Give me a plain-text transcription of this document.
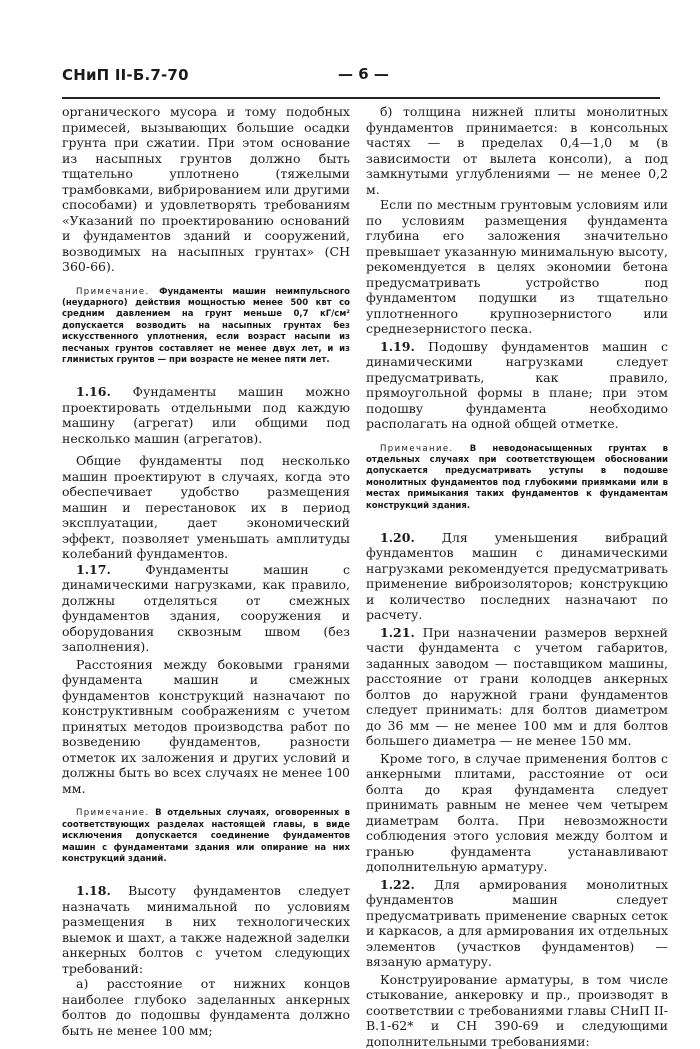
СНиП II-Б.7-70	— 6 —

органического мусора и тому подобных примесей, вызывающих большие осадки грунта при сжатии. При этом основание из насыпных грунтов должно быть тщательно уплотнено (тяжелыми трамбовками, вибрированием или другими способами) и удовлетворять требованиям «Указаний по проектированию оснований и фундаментов зданий и сооружений, возводимых на насыпных грунтах» (СН 360-66).

Примечание. Фундаменты машин неимпульсного (неударного) действия мощностью менее 500 квт со средним давлением на грунт меньше 0,7 кГ/см² допускается возводить на насыпных грунтах без искусственного уплотнения, если возраст насыпи из песчаных грунтов составляет не менее двух лет, и из глинистых грунтов — при возрасте не менее пяти лет.

1.16. Фундаменты машин можно проектировать отдельными под каждую машину (агрегат) или общими под несколько машин (агрегатов).

Общие фундаменты под несколько машин проектируют в случаях, когда это обеспечивает удобство размещения машин и перестановок их в период эксплуатации, дает экономический эффект, позволяет уменьшать амплитуды колебаний фундаментов.

1.17. Фундаменты машин с динамическими нагрузками, как правило, должны отделяться от смежных фундаментов здания, сооружения и оборудования сквозным швом (без заполнения).

Расстояния между боковыми гранями фундамента машин и смежных фундаментов конструкций назначают по конструктивным соображениям с учетом принятых методов производства работ по возведению фундаментов, разности отметок их заложения и других условий и должны быть во всех случаях не менее 100 мм.

Примечание. В отдельных случаях, оговоренных в соответствующих разделах настоящей главы, в виде исключения допускается соединение фундаментов машин с фундаментами здания или опирание на них конструкций зданий.

1.18. Высоту фундаментов следует назначать минимальной по условиям размещения в них технологических выемок и шахт, а также надежной заделки анкерных болтов с учетом следующих требований:

а) расстояние от нижних концов наиболее глубоко заделанных анкерных болтов до подошвы фундамента должно быть не менее 100 мм;

б) толщина нижней плиты монолитных фундаментов принимается: в консольных частях — в пределах 0,4—1,0 м (в зависимости от вылета консоли), а под замкнутыми углублениями — не менее 0,2 м.

Если по местным грунтовым условиям или по условиям размещения фундамента глубина его заложения значительно превышает указанную минимальную высоту, рекомендуется в целях экономии бетона предусматривать устройство под фундаментом подушки из тщательно уплотненного крупнозернистого или среднезернистого песка.

1.19. Подошву фундаментов машин с динамическими нагрузками следует предусматривать, как правило, прямоугольной формы в плане; при этом подошву фундамента необходимо располагать на одной общей отметке.

Примечание. В неводонасыщенных грунтах в отдельных случаях при соответствующем обосновании допускается предусматривать уступы в подошве монолитных фундаментов под глубокими приямками или в местах примыкания таких фундаментов к фундаментам конструкций здания.

1.20. Для уменьшения вибраций фундаментов машин с динамическими нагрузками рекомендуется предусматривать применение виброизоляторов; конструкцию и количество последних назначают по расчету.

1.21. При назначении размеров верхней части фундамента с учетом габаритов, заданных заводом — поставщиком машины, расстояние от грани колодцев анкерных болтов до наружной грани фундаментов следует принимать: для болтов диаметром до 36 мм — не менее 100 мм и для болтов большего диаметра — не менее 150 мм.

Кроме того, в случае применения болтов с анкерными плитами, расстояние от оси болта до края фундамента следует принимать равным не менее чем четырем диаметрам болта. При невозможности соблюдения этого условия между болтом и гранью фундамента устанавливают дополнительную арматуру.

1.22. Для армирования монолитных фундаментов машин следует предусматривать применение сварных сеток и каркасов, а для армирования их отдельных элементов (участков фундаментов) — вязаную арматуру.

Конструирование арматуры, в том числе стыкование, анкеровку и пр., производят в соответствии с требованиями главы СНиП II-В.1-62* и СН 390-69 и следующими дополнительными требованиями:
